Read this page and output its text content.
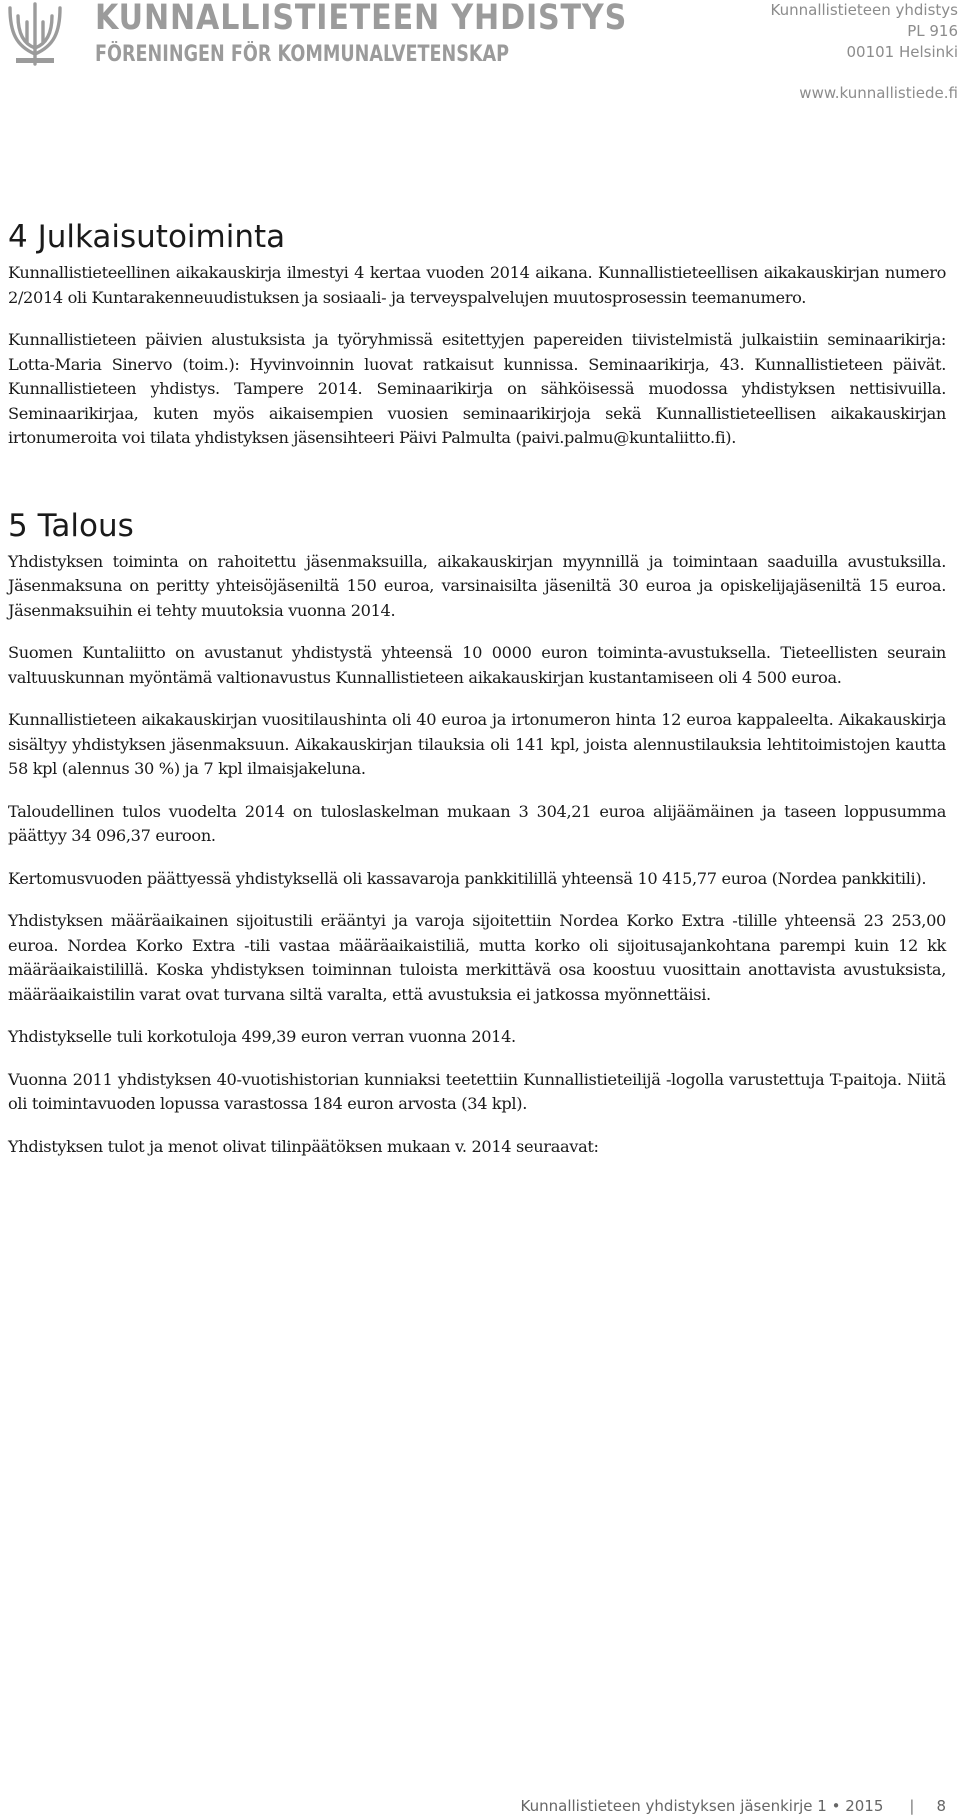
KUNNALLISTIETEEN YHDISTYS
FÖRENINGEN FÖR KOMMUNALVETENSKAP
Kunnallistieteen yhdistys
PL 916
00101 Helsinki
www.kunnallistiede.fi
4 Julkaisutoiminta

Kunnallistieteellinen aikakauskirja ilmestyi 4 kertaa vuoden 2014 aikana. Kunnallistieteellisen aikakauskirjan numero 2/2014 oli Kuntarakenneuudistuksen ja sosiaali- ja terveyspalvelujen muutosprosessin teemanumero.

Kunnallistieteen päivien alustuksista ja työryhmissä esitettyjen papereiden tiivistelmistä julkaistiin seminaarikirja: Lotta-Maria Sinervo (toim.): Hyvinvoinnin luovat ratkaisut kunnissa. Seminaarikirja, 43. Kunnallistieteen päivät. Kunnallistieteen yhdistys. Tampere 2014. Seminaarikirja on sähköisessä muodossa yhdistyksen nettisivuilla. Seminaarikirjaa, kuten myös aikaisempien vuosien seminaarikirjoja sekä Kunnallistieteellisen aikakauskirjan irtonumeroita voi tilata yhdistyksen jäsensihteeri Päivi Palmulta (paivi.palmu@kuntaliitto.fi).

5 Talous

Yhdistyksen toiminta on rahoitettu jäsenmaksuilla, aikakauskirjan myynnillä ja toimintaan saaduilla avustuksilla. Jäsenmaksuna on peritty yhteisöjäseniltä 150 euroa, varsinaisilta jäseniltä 30 euroa ja opiskelijajäseniltä 15 euroa. Jäsenmaksuihin ei tehty muutoksia vuonna 2014.

Suomen Kuntaliitto on avustanut yhdistystä yhteensä 10 0000 euron toiminta-avustuksella. Tieteellisten seurain valtuuskunnan myöntämä valtionavustus Kunnallistieteen aikakauskirjan kustantamiseen oli 4 500 euroa.

Kunnallistieteen aikakauskirjan vuositilaushinta oli 40 euroa ja irtonumeron hinta 12 euroa kappaleelta. Aikakauskirja sisältyy yhdistyksen jäsenmaksuun. Aikakauskirjan tilauksia oli 141 kpl, joista alennustilauksia lehtitoimistojen kautta 58 kpl (alennus 30 %) ja 7 kpl ilmaisjakeluna.

Taloudellinen tulos vuodelta 2014 on tuloslaskelman mukaan 3 304,21 euroa alijäämäinen ja taseen loppusumma päättyy 34 096,37 euroon.

Kertomusvuoden päättyessä yhdistyksellä oli kassavaroja pankkitilillä yhteensä 10 415,77 euroa (Nordea pankkitili).

Yhdistyksen määräaikainen sijoitustili erääntyi ja varoja sijoitettiin Nordea Korko Extra -tilille yhteensä 23 253,00 euroa. Nordea Korko Extra -tili vastaa määräaikaistiliä, mutta korko oli sijoitusajankohtana parempi kuin 12 kk määräaikaistilillä. Koska yhdistyksen toiminnan tuloista merkittävä osa koostuu vuosittain anottavista avustuksista, määräaikaistilin varat ovat turvana siltä varalta, että avustuksia ei jatkossa myönnettäisi.

Yhdistykselle tuli korkotuloja 499,39 euron verran vuonna 2014.

Vuonna 2011 yhdistyksen 40-vuotishistorian kunniaksi teetettiin Kunnallistieteilijä -logolla varustettuja T-paitoja. Niitä oli toimintavuoden lopussa varastossa 184 euron arvosta (34 kpl).

Yhdistyksen tulot ja menot olivat tilinpäätöksen mukaan v. 2014 seuraavat:

Kunnallistieteen yhdistyksen jäsenkirje 1 • 2015 | 8
